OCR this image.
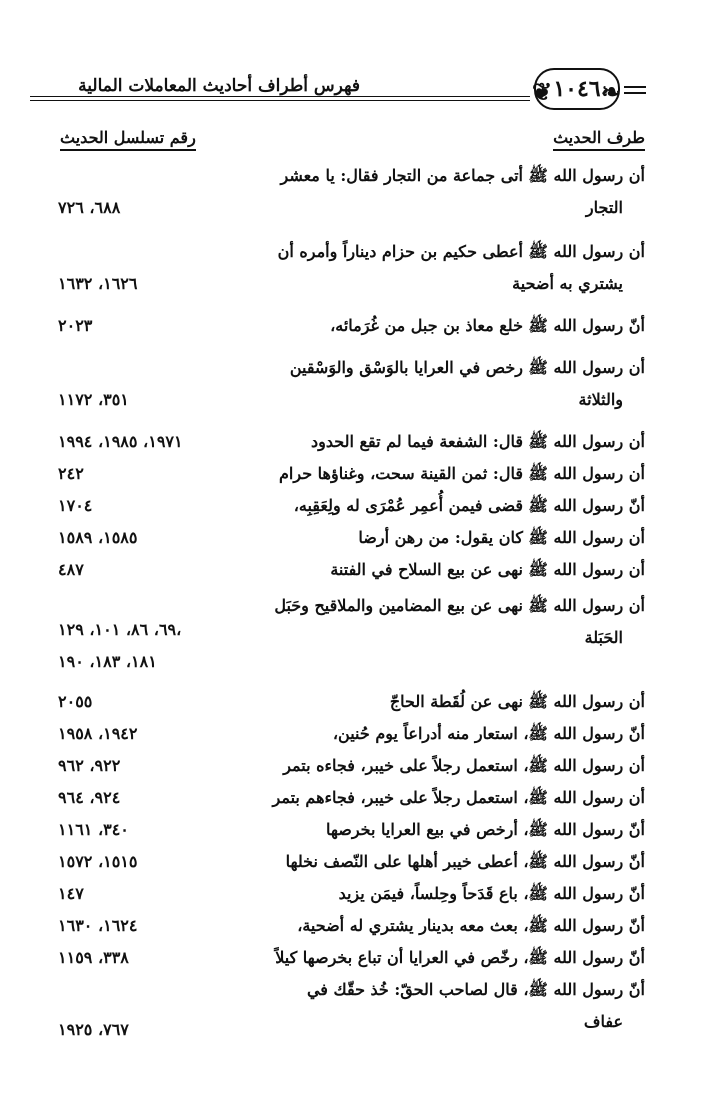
فهرس أطراف أحاديث المعاملات المالية	❦ ١٠٤٦ ❧
طرف الحديث
رقم تسلسل الحديث
أن رسول الله ﷺ أتى جماعة من التجار فقال: يا معشر
التجار
٦٨٨، ٧٢٦
أن رسول الله ﷺ أعطى حكيم بن حزام ديناراً وأمره أن
يشتري به أضحية
١٦٢٦، ١٦٣٢
أنّ رسول الله ﷺ خلع معاذ بن جبل من غُرَمائه،
٢٠٢٣
أن رسول الله ﷺ رخص في العرايا بالوَسْق والوَسْقين
والثلاثة
٣٥١، ١١٧٢
أن رسول الله ﷺ قال: الشفعة فيما لم تقع الحدود
١٩٧١، ١٩٨٥، ١٩٩٤
أن رسول الله ﷺ قال: ثمن القينة سحت، وغناؤها حرام
٢٤٢
أنّ رسول الله ﷺ قضى فيمن أُعمِر عُمْرَى له ولِعَقِبِه،
١٧٠٤
أن رسول الله ﷺ كان يقول: من رهن أرضا
١٥٨٥، ١٥٨٩
أن رسول الله ﷺ نهى عن بيع السلاح في الفتنة
٤٨٧
أن رسول الله ﷺ نهى عن بيع المضامين والملاقيح وحَبَل
الحَبَلة
٦٩، ٨٦، ١٠١، ١٢٩،
١٨١، ١٨٣، ١٩٠
أن رسول الله ﷺ نهى عن لُقَطة الحاجّ
٢٠٥٥
أنّ رسول الله ﷺ، استعار منه أدراعاً يوم حُنين،
١٩٤٢، ١٩٥٨
أن رسول الله ﷺ، استعمل رجلاً على خيبر، فجاءه بتمر
٩٢٢، ٩٦٢
أن رسول الله ﷺ، استعمل رجلاً على خيبر، فجاءهم بتمر
٩٢٤، ٩٦٤
أنّ رسول الله ﷺ، أرخص في بيع العرايا بخرصها
٣٤٠، ١١٦١
أنّ رسول الله ﷺ، أعطى خيبر أهلها على النّصف نخلها
١٥١٥، ١٥٧٢
أنّ رسول الله ﷺ، باع قَدَحاً وحِلساً، فيمَن يزيد
١٤٧
أنّ رسول الله ﷺ، بعث معه بدينار يشتري له أضحية،
١٦٢٤، ١٦٣٠
أنّ رسول الله ﷺ، رخّص في العرايا أن تباع بخرصها كيلاً
٣٣٨، ١١٥٩
أنّ رسول الله ﷺ، قال لصاحب الحقّ: خُذ حقّك في
عفاف
٧٦٧، ١٩٢٥
